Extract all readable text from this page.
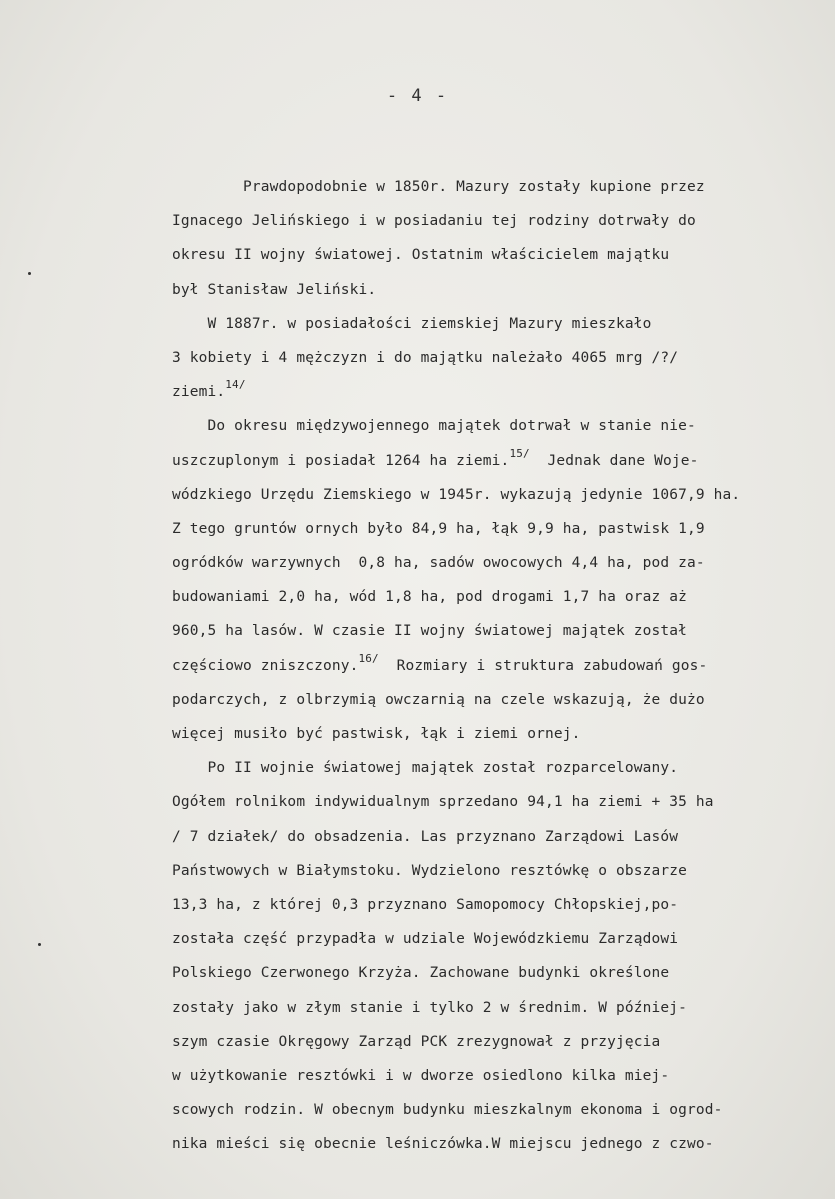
- 4 -
Prawdopodobnie w 1850r. Mazury zostały kupione przez
Ignacego Jelińskiego i w posiadaniu tej rodziny dotrwały do
okresu II wojny światowej. Ostatnim właścicielem majątku
był Stanisław Jeliński.
W 1887r. w posiadałości ziemskiej Mazury mieszkało
3 kobiety i 4 mężczyzn i do majątku należało 4065 mrg /?/
ziemi.$^{14/}$
Do okresu międzywojennego majątek dotrwał w stanie nie-
uszczuplonym i posiadał 1264 ha ziemi.$^{15/}$  Jednak dane Woje-
wódzkiego Urzędu Ziemskiego w 1945r. wykazują jedynie 1067,9 ha.
Z tego gruntów ornych było 84,9 ha, łąk 9,9 ha, pastwisk 1,9
ogródków warzywnych  0,8 ha, sadów owocowych 4,4 ha, pod za-
budowaniami 2,0 ha, wód 1,8 ha, pod drogami 1,7 ha oraz aż
960,5 ha lasów. W czasie II wojny światowej majątek został
częściowo zniszczony.$^{16/}$  Rozmiary i struktura zabudowań gos-
podarczych, z olbrzymią owczarnią na czele wskazują, że dużo
więcej musiło być pastwisk, łąk i ziemi ornej.
Po II wojnie światowej majątek został rozparcelowany.
Ogółem rolnikom indywidualnym sprzedano 94,1 ha ziemi + 35 ha
/ 7 działek/ do obsadzenia. Las przyznano Zarządowi Lasów
Państwowych w Białymstoku. Wydzielono resztówkę o obszarze
13,3 ha, z której 0,3 przyznano Samopomocy Chłopskiej,po-
została część przypadła w udziale Wojewódzkiemu Zarządowi
Polskiego Czerwonego Krzyża. Zachowane budynki określone
zostały jako w złym stanie i tylko 2 w średnim. W później-
szym czasie Okręgowy Zarząd PCK zrezygnował z przyjęcia
w użytkowanie resztówki i w dworze osiedlono kilka miej-
scowych rodzin. W obecnym budynku mieszkalnym ekonoma i ogrod-
nika mieści się obecnie leśniczówka.W miejscu jednego z czwo-
